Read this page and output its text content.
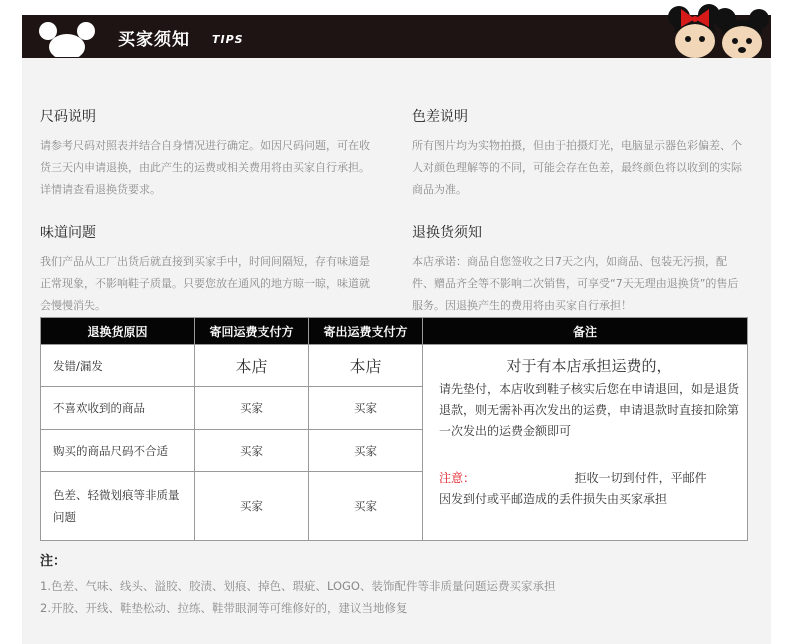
买家须知 TIPS
尺码说明

请参考尺码对照表并结合自身情况进行确定。如因尺码问题，可在收货三天内申请退换，由此产生的运费或相关费用将由买家自行承担。详情请查看退换货要求。

色差说明

所有图片均为实物拍摄，但由于拍摄灯光，电脑显示器色彩偏差、个人对颜色理解等的不同，可能会存在色差，最终颜色将以收到的实际商品为准。

味道问题

我们产品从工厂出货后就直接到买家手中，时间间隔短，存有味道是正常现象，不影响鞋子质量。只要您放在通风的地方晾一晾，味道就会慢慢消失。

退换货须知

本店承诺：商品自您签收之日7天之内，如商品、包装无污损，配件、赠品齐全等不影响二次销售，可享受“7天无理由退换货”的售后服务。因退换产生的费用将由买家自行承担！

退换货原因	寄回运费支付方	寄出运费支付方	备注
发错/漏发	本店	本店	对于有本店承担运费的，
请先垫付，本店收到鞋子核实后您在申请退回，如是退货退款，则无需补再次发出的运费，申请退款时直接扣除第一次发出的运费金额即可
注意： 拒收一切到付件，平邮件
因发到付或平邮造成的丢件损失由买家承担

不喜欢收到的商品	买家	买家	
购买的商品尺码不合适	买家	买家	
色差、轻微划痕等非质量问题	买家	买家	
注：
1.色差、气味、线头、溢胶、胶渍、划痕、掉色、瑕疵、LOGO、装饰配件等非质量问题运费买家承担
2.开胶、开线、鞋垫松动、拉练、鞋带眼洞等可维修好的，建议当地修复
